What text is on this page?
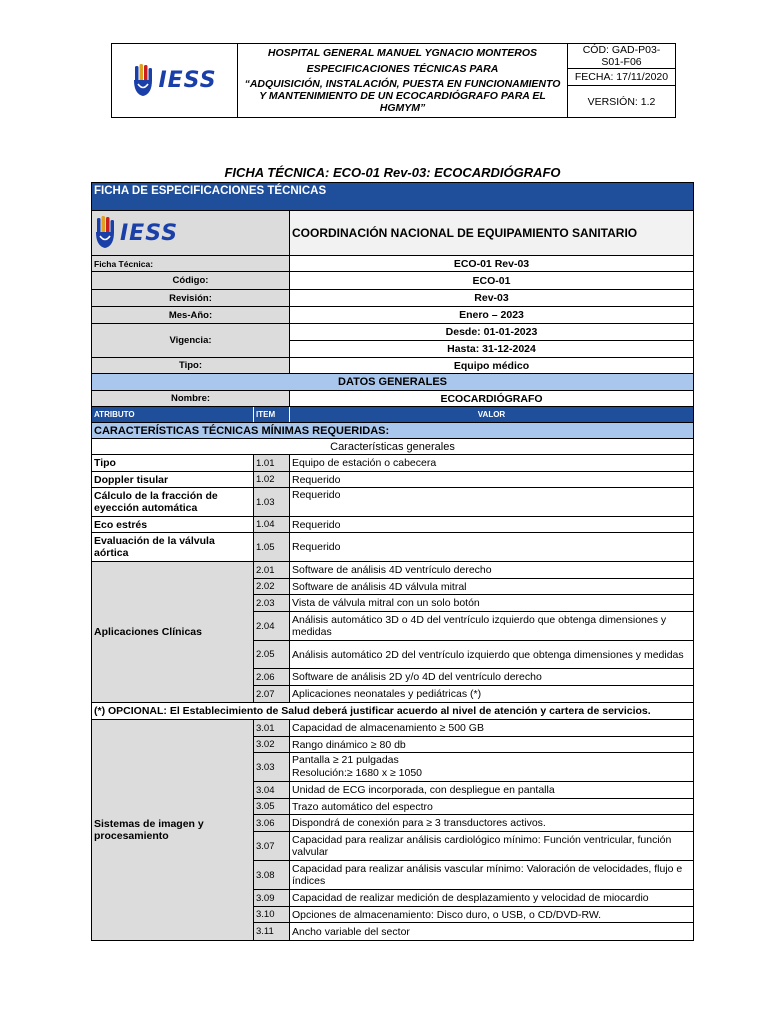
IESS
HOSPITAL GENERAL MANUEL YGNACIO MONTEROS
ESPECIFICACIONES TÉCNICAS PARA
“ADQUISICIÓN, INSTALACIÓN, PUESTA EN FUNCIONAMIENTO Y MANTENIMIENTO DE UN ECOCARDIÓGRAFO PARA EL HGMYM”
CÓD: GAD-P03-S01-F06
FECHA: 17/11/2020
VERSIÓN: 1.2
FICHA TÉCNICA: ECO-01 Rev-03: ECOCARDIÓGRAFO
FICHA DE ESPECIFICACIONES TÉCNICAS
IESS	COORDINACIÓN NACIONAL DE EQUIPAMIENTO SANITARIO
Ficha Técnica:	ECO-01 Rev-03
Código:	ECO-01
Revisión:	Rev-03
Mes-Año:	Enero – 2023
Vigencia:
Desde: 01-01-2023
Hasta: 31-12-2024
Tipo:	Equipo médico
DATOS GENERALES
Nombre:	ECOCARDIÓGRAFO
ATRIBUTO	ITEM	VALOR
CARACTERÍSTICAS TÉCNICAS MÍNIMAS REQUERIDAS:
Características generales
Tipo	1.01	Equipo de estación o cabecera
Doppler tisular	1.02	Requerido
Cálculo de la fracción de eyección automática	1.03
Requerido
Eco estrés	1.04	Requerido
Evaluación de la válvula aórtica	1.05	Requerido
Aplicaciones Clínicas
2.01	Software de análisis 4D ventrículo derecho
2.02	Software de análisis 4D válvula mitral
2.03	Vista de válvula mitral con un solo botón
2.04	Análisis automático 3D o 4D del ventrículo izquierdo que obtenga dimensiones y medidas
2.05	Análisis automático 2D del ventrículo izquierdo que obtenga dimensiones y medidas
2.06	Software de análisis 2D y/o 4D del ventrículo derecho
2.07	Aplicaciones neonatales y pediátricas (*)
(*) OPCIONAL: El Establecimiento de Salud deberá justificar acuerdo al nivel de atención y cartera de servicios.
Sistemas de imagen y procesamiento
3.01	Capacidad de almacenamiento ≥ 500 GB
3.02	Rango dinámico ≥ 80 db
3.03
Pantalla ≥ 21 pulgadas
Resolución:≥ 1680 x ≥ 1050
3.04	Unidad de ECG incorporada, con despliegue en pantalla
3.05	Trazo automático del espectro
3.06	Dispondrá de conexión para ≥ 3 transductores activos.
3.07	Capacidad para realizar análisis cardiológico mínimo: Función ventricular, función valvular
3.08	Capacidad para realizar análisis vascular mínimo: Valoración de velocidades, flujo e índices
3.09	Capacidad de realizar medición de desplazamiento y velocidad de miocardio
3.10	Opciones de almacenamiento: Disco duro, o USB, o CD/DVD-RW.
3.11	Ancho variable del sector
